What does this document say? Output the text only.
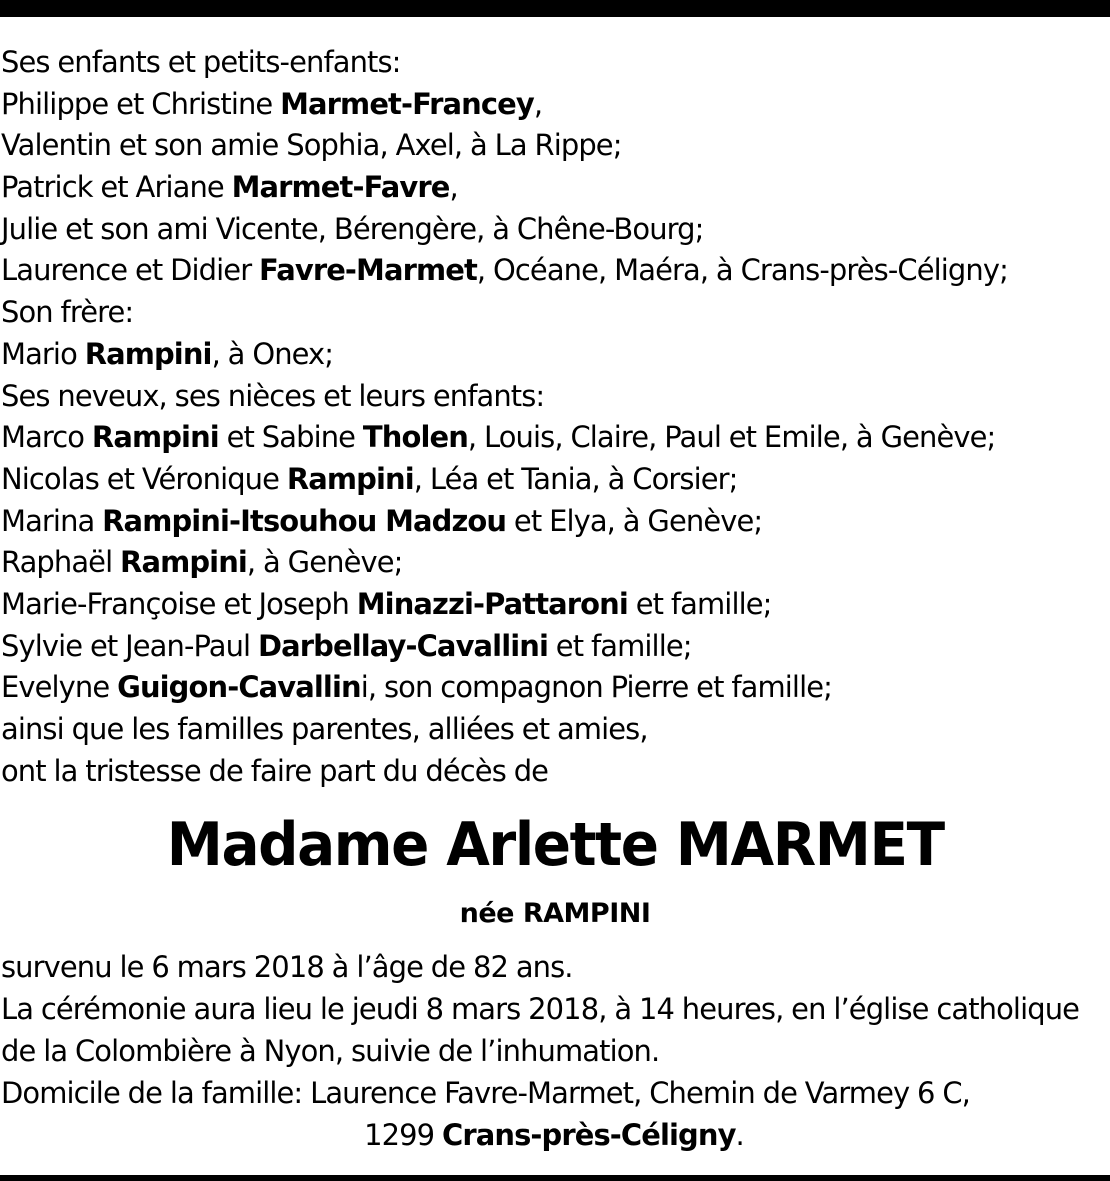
Ses enfants et petits-enfants:
Philippe et Christine Marmet-Francey,
Valentin et son amie Sophia, Axel, à La Rippe;
Patrick et Ariane Marmet-Favre,
Julie et son ami Vicente, Bérengère, à Chêne-Bourg;
Laurence et Didier Favre-Marmet, Océane, Maéra, à Crans-près-Céligny;
Son frère:
Mario Rampini, à Onex;
Ses neveux, ses nièces et leurs enfants:
Marco Rampini et Sabine Tholen, Louis, Claire, Paul et Emile, à Genève;
Nicolas et Véronique Rampini, Léa et Tania, à Corsier;
Marina Rampini-Itsouhou Madzou et Elya, à Genève;
Raphaël Rampini, à Genève;
Marie-Françoise et Joseph Minazzi-Pattaroni et famille;
Sylvie et Jean-Paul Darbellay-Cavallini et famille;
Evelyne Guigon-Cavallini, son compagnon Pierre et famille;
ainsi que les familles parentes, alliées et amies,
ont la tristesse de faire part du décès de
Madame Arlette MARMET
née RAMPINI
survenu le 6 mars 2018 à l’âge de 82 ans.
La cérémonie aura lieu le jeudi 8 mars 2018, à 14 heures, en l’église catholique
de la Colombière à Nyon, suivie de l’inhumation.
Domicile de la famille: Laurence Favre-Marmet, Chemin de Varmey 6 C,
1299 Crans-près-Céligny.
